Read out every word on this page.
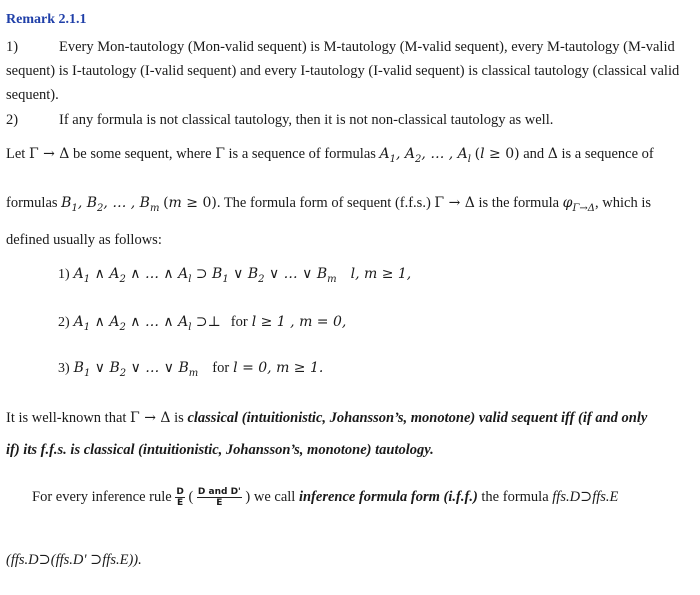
Remark 2.1.1
1)	Every Mon-tautology (Mon-valid sequent) is M-tautology (M-valid sequent), every M-tautology (M-valid
sequent) is I-tautology (I-valid sequent) and every I-tautology (I-valid sequent) is classical tautology (classical valid
sequent).
2)	If any formula is not classical tautology, then it is not non-classical tautology as well.
Let Γ → Δ be some sequent, where Γ is a sequence of formulas $A_1$, $A_2$, … , $A_l$ (l ≥ 0) and Δ is a sequence of
formulas $B_1$, $B_2$, … , $B_m$ (m ≥ 0). The formula form of sequent (f.f.s.) Γ → Δ is the formula $\varphi_{\Gamma\to\Delta}$, which is
defined usually as follows:
1) $A_1$ ∧ $A_2$ ∧ … ∧ $A_l$ ⊃ $B_1$ ∨ $B_2$ ∨ … ∨ $B_m$ l, m ≥ 1,
2) $A_1$ ∧ $A_2$ ∧ … ∧ $A_l$ ⊃⊥ for l ≥ 1 , m = 0,
3) $B_1$ ∨ $B_2$ ∨ … ∨ $B_m$ for l = 0, m ≥ 1.
It is well-known that Γ → Δ is classical (intuitionistic, Johansson’s, monotone) valid sequent iff (if and only
if) its f.f.s. is classical (intuitionistic, Johansson’s, monotone) tautology.
For every inference rule $\frac{D}{E}$ ( $\frac{\text{D and D'}}{E}$ ) we call inference formula form (i.f.f.) the formula ffs.D⊃ffs.E
(ffs.D⊃(ffs.D' ⊃ffs.E)).
